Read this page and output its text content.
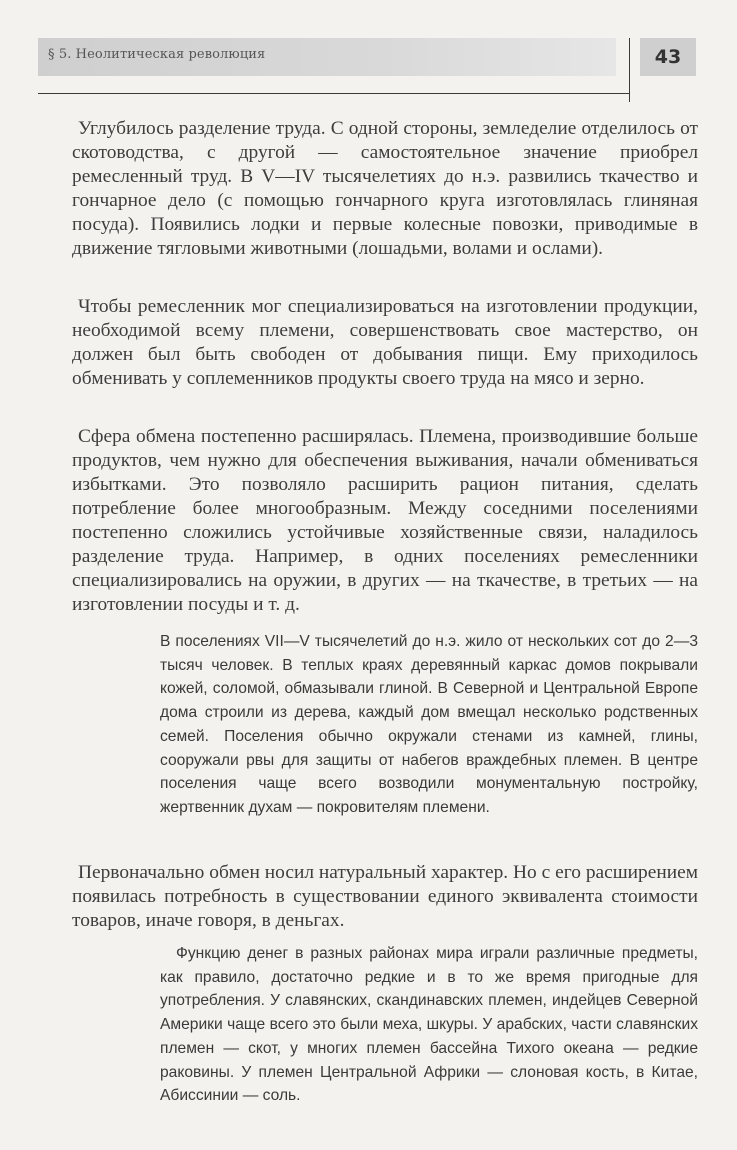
§ 5. Неолитическая революция	43

Углубилось разделение труда. С одной стороны, земледелие отделилось от скотоводства, с другой — самостоятельное значение приобрел ремесленный труд. В V—IV тысячелетиях до н.э. развились ткачество и гончарное дело (с помощью гончарного круга изготовлялась глиняная посуда). Появились лодки и первые колесные повозки, приводимые в движение тягловыми животными (лошадьми, волами и ослами).

Чтобы ремесленник мог специализироваться на изготовлении продукции, необходимой всему племени, совершенствовать свое мастерство, он должен был быть свободен от добывания пищи. Ему приходилось обменивать у соплеменников продукты своего труда на мясо и зерно.

Сфера обмена постепенно расширялась. Племена, производившие больше продуктов, чем нужно для обеспечения выживания, начали обмениваться избытками. Это позволяло расширить рацион питания, сделать потребление более многообразным. Между соседними поселениями постепенно сложились устойчивые хозяйственные связи, наладилось разделение труда. Например, в одних поселениях ремесленники специализировались на оружии, в других — на ткачестве, в третьих — на изготовлении посуды и т. д.

В поселениях VII—V тысячелетий до н.э. жило от нескольких сот до 2—3 тысяч человек. В теплых краях деревянный каркас домов покрывали кожей, соломой, обмазывали глиной. В Северной и Центральной Европе дома строили из дерева, каждый дом вмещал несколько родственных семей. Поселения обычно окружали стенами из камней, глины, сооружали рвы для защиты от набегов враждебных племен. В центре поселения чаще всего возводили монументальную постройку, жертвенник духам — покровителям племени.

Первоначально обмен носил натуральный характер. Но с его расширением появилась потребность в существовании единого эквивалента стоимости товаров, иначе говоря, в деньгах.

Функцию денег в разных районах мира играли различные предметы, как правило, достаточно редкие и в то же время пригодные для употребления. У славянских, скандинавских племен, индейцев Северной Америки чаще всего это были меха, шкуры. У арабских, части славянских племен — скот, у многих племен бассейна Тихого океана — редкие раковины. У племен Центральной Африки — слоновая кость, в Китае, Абиссинии — соль.
